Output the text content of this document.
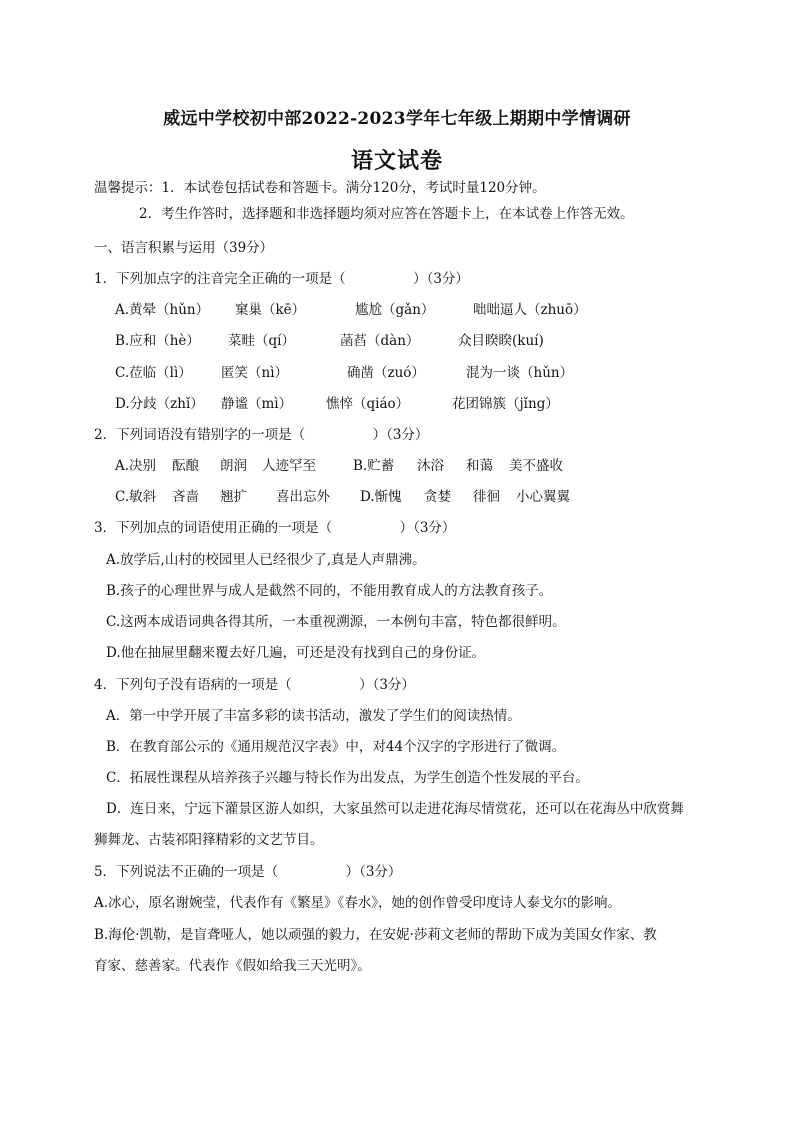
威远中学校初中部2022-2023学年七年级上期期中学情调研
语文试卷
温馨提示：1．本试卷包括试卷和答题卡。满分120分，考试时量120分钟。
2．考生作答时，选择题和非选择题均须对应答在答题卡上，在本试卷上作答无效。
一、语言积累与运用（39分）
1．下列加点字的注音完全正确的一项是（　　　　　）（3分）
A.黄晕（hǔn） 窠巢（kē）	尴尬（gǎn）	咄咄逼人（zhuō）
B.应和（hè） 菜畦（qí）	菡萏（dàn）	众目睽睽(kuí)
C.莅临（lì） 匿笑（nì）	确凿（zuó）	混为一谈（hǔn）
D.分歧（zhǐ） 静谧（mì）	憔悴（qiáo）	花团锦簇（jǐng）
2．下列词语没有错别字的一项是（　　　　　）（3分）
A.决别 酝酿 朗润 人迹罕至	B.贮蓄 沐浴 和蔼 美不盛收
C.敏斜 吝啬 翘扩 喜出忘外 D.惭愧 贪婪 徘徊 小心翼翼
3．下列加点的词语使用正确的一项是（　　　　　）（3分）
A.放学后,山村的校园里人已经很少了,真是人声鼎沸。
B.孩子的心理世界与成人是截然不同的，不能用教育成人的方法教育孩子。
C.这两本成语词典各得其所，一本重视溯源，一本例句丰富，特色都很鲜明。
D.他在抽屉里翻来覆去好几遍，可还是没有找到自己的身份证。
4．下列句子没有语病的一项是（　　　　　）（3分）
A．第一中学开展了丰富多彩的读书活动，激发了学生们的阅读热情。
B．在教育部公示的《通用规范汉字表》中，对44个汉字的字形进行了微调。
C．拓展性课程从培养孩子兴趣与特长作为出发点，为学生创造个性发展的平台。
D．连日来，宁远下灌景区游人如织，大家虽然可以走进花海尽情赏花，还可以在花海丛中欣赏舞
狮舞龙、古装祁阳箨精彩的文艺节目。
5．下列说法不正确的一项是（　　　　　）（3分）
A.冰心，原名谢婉莹，代表作有《繁星》《春水》，她的创作曾受印度诗人泰戈尔的影响。
B.海伦·凯勒，是盲聋哑人，她以顽强的毅力，在安妮·莎莉文老师的帮助下成为美国女作家、教
育家、慈善家。代表作《假如给我三天光明》。
